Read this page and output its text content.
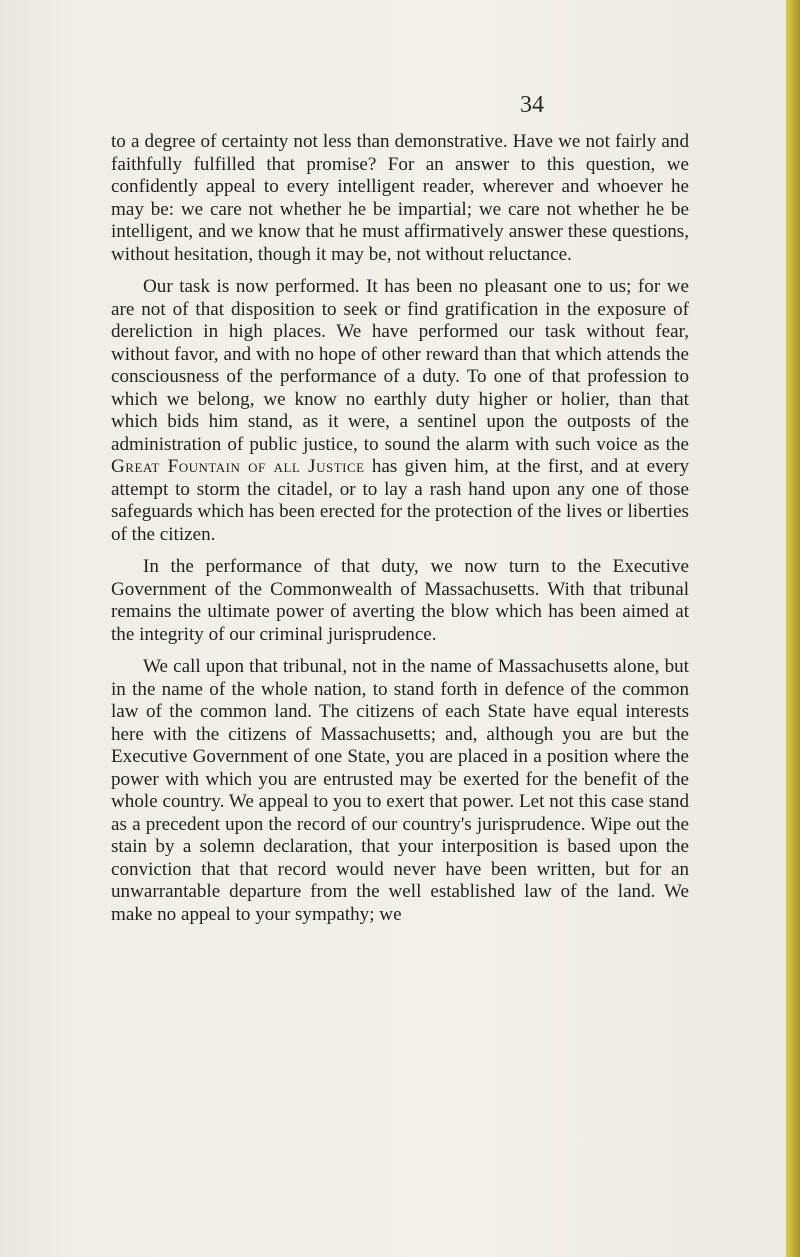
34

to a degree of certainty not less than demonstrative. Have we not fairly and faithfully fulfilled that promise? For an answer to this question, we confidently appeal to every intelligent reader, wherever and whoever he may be: we care not whether he be impartial; we care not whether he be intelligent, and we know that he must affirmatively answer these questions, without hesitation, though it may be, not without reluctance.

Our task is now performed. It has been no pleasant one to us; for we are not of that disposition to seek or find gratification in the exposure of dereliction in high places. We have performed our task without fear, without favor, and with no hope of other reward than that which attends the consciousness of the performance of a duty. To one of that profession to which we belong, we know no earthly duty higher or holier, than that which bids him stand, as it were, a sentinel upon the outposts of the administration of public justice, to sound the alarm with such voice as the Great Fountain of all Justice has given him, at the first, and at every attempt to storm the citadel, or to lay a rash hand upon any one of those safeguards which has been erected for the protection of the lives or liberties of the citizen.

In the performance of that duty, we now turn to the Executive Government of the Commonwealth of Massachusetts. With that tribunal remains the ultimate power of averting the blow which has been aimed at the integrity of our criminal jurisprudence.

We call upon that tribunal, not in the name of Massachusetts alone, but in the name of the whole nation, to stand forth in defence of the common law of the common land. The citizens of each State have equal interests here with the citizens of Massachusetts; and, although you are but the Executive Government of one State, you are placed in a position where the power with which you are entrusted may be exerted for the benefit of the whole country. We appeal to you to exert that power. Let not this case stand as a precedent upon the record of our country's jurisprudence. Wipe out the stain by a solemn declaration, that your interposition is based upon the conviction that that record would never have been written, but for an unwarrantable departure from the well established law of the land. We make no appeal to your sympathy; we
